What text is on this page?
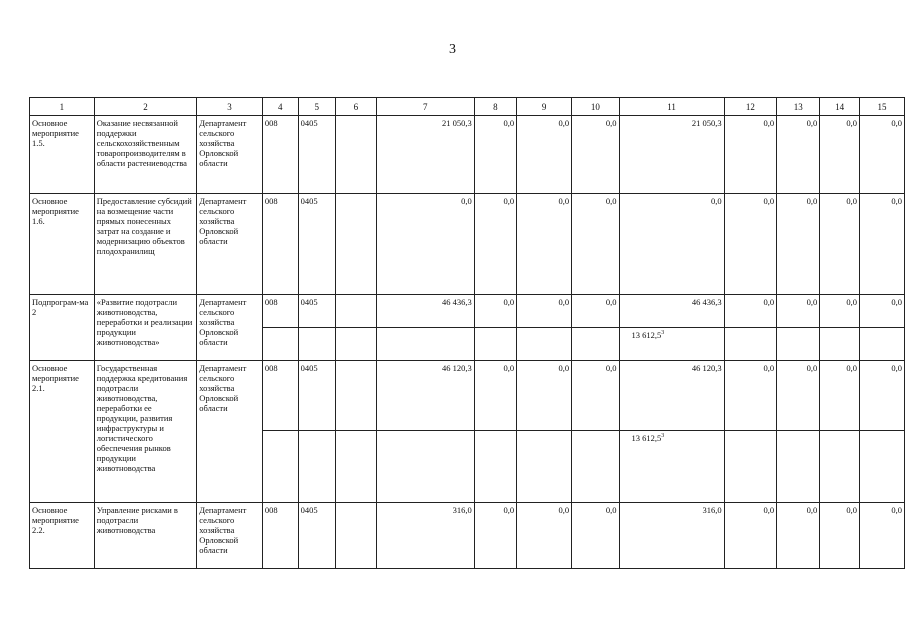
3
1	2	3	4	5	6	7	8	9	10	11	12	13	14	15
Основное мероприятие 1.5.	Оказание несвязанной поддержки сельскохозяйственным товаропроизводителям в области растениеводства	Департамент сельского хозяйства Орловской области	008	0405		21 050,3	0,0	0,0	0,0	21 050,3	0,0	0,0	0,0	0,0
Основное мероприятие 1.6.	Предоставление субсидий на возмещение части прямых понесенных затрат на создание и модернизацию объектов плодохранилищ	Департамент сельского хозяйства Орловской области	008	0405		0,0	0,0	0,0	0,0	0,0	0,0	0,0	0,0	0,0
Подпрограм-ма 2	«Развитие подотрасли животноводства, переработки и реализации продукции животноводства»	Департамент сельского хозяйства Орловской области	008	0405		46 436,3	0,0	0,0	0,0	46 436,3	0,0	0,0	0,0	0,0
										13 612,5$^3$				
Основное мероприятие 2.1.	Государственная поддержка кредитования подотрасли животноводства, переработки ее продукции, развития инфраструктуры и логистического обеспечения рынков продукции животноводства	Департамент сельского хозяйства Орловской области	008	0405		46 120,3	0,0	0,0	0,0	46 120,3	0,0	0,0	0,0	0,0
										13 612,5$^3$				
Основное мероприятие 2.2.	Управление рисками в подотрасли животноводства	Департамент сельского хозяйства Орловской области	008	0405		316,0	0,0	0,0	0,0	316,0	0,0	0,0	0,0	0,0
